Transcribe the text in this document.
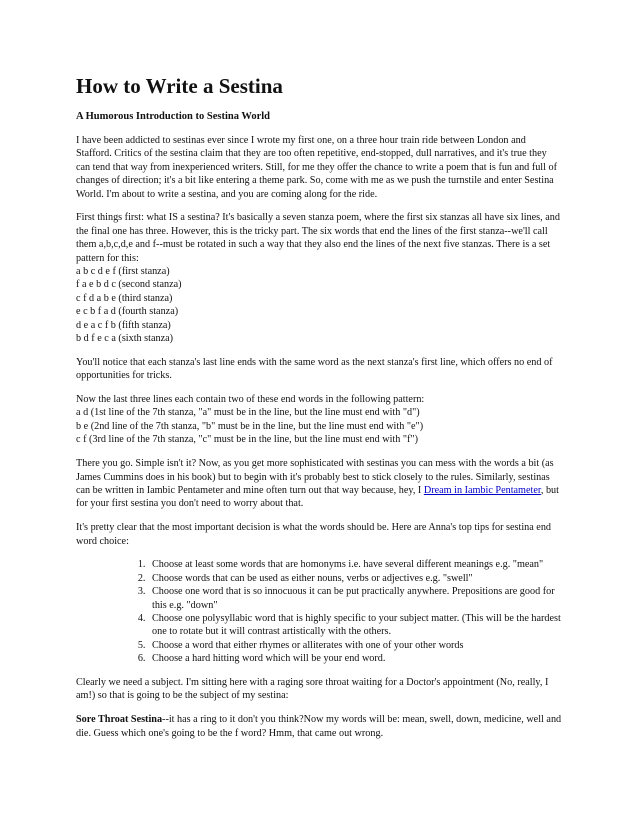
How to Write a Sestina
A Humorous Introduction to Sestina World

I have been addicted to sestinas ever since I wrote my first one, on a three hour train ride between London and Stafford. Critics of the sestina claim that they are too often repetitive, end-stopped, dull narratives, and it's true they can tend that way from inexperienced writers. Still, for me they offer the chance to write a poem that is fun and full of changes of direction; it's a bit like entering a theme park. So, come with me as we push the turnstile and enter Sestina World. I'm about to write a sestina, and you are coming along for the ride.

First things first: what IS a sestina? It's basically a seven stanza poem, where the first six stanzas all have six lines, and the final one has three. However, this is the tricky part. The six words that end the lines of the first stanza--we'll call them a,b,c,d,e and f--must be rotated in such a way that they also end the lines of the next five stanzas. There is a set pattern for this:
a b c d e f (first stanza)
f a e b d c (second stanza)
c f d a b e (third stanza)
e c b f a d (fourth stanza)
d e a c f b (fifth stanza)
b d f e c a (sixth stanza)

You'll notice that each stanza's last line ends with the same word as the next stanza's first line, which offers no end of opportunities for tricks.

Now the last three lines each contain two of these end words in the following pattern:
a d (1st line of the 7th stanza, "a" must be in the line, but the line must end with "d")
b e (2nd line of the 7th stanza, "b" must be in the line, but the line must end with "e")
c f (3rd line of the 7th stanza, "c" must be in the line, but the line must end with "f")

There you go. Simple isn't it? Now, as you get more sophisticated with sestinas you can mess with the words a bit (as James Cummins does in his book) but to begin with it's probably best to stick closely to the rules. Similarly, sestinas can be written in Iambic Pentameter and mine often turn out that way because, hey, I Dream in Iambic Pentameter, but for your first sestina you don't need to worry about that.

It's pretty clear that the most important decision is what the words should be. Here are Anna's top tips for sestina end word choice:

1. Choose at least some words that are homonyms i.e. have several different meanings e.g. "mean"
2. Choose words that can be used as either nouns, verbs or adjectives e.g. "swell"
3. Choose one word that is so innocuous it can be put practically anywhere. Prepositions are good for this e.g. "down"
4. Choose one polysyllabic word that is highly specific to your subject matter. (This will be the hardest one to rotate but it will contrast artistically with the others.
5. Choose a word that either rhymes or alliterates with one of your other words
6. Choose a hard hitting word which will be your end word.

Clearly we need a subject. I'm sitting here with a raging sore throat waiting for a Doctor's appointment (No, really, I am!) so that is going to be the subject of my sestina:

Sore Throat Sestina--it has a ring to it don't you think?Now my words will be: mean, swell, down, medicine, well and die. Guess which one's going to be the f word? Hmm, that came out wrong.
